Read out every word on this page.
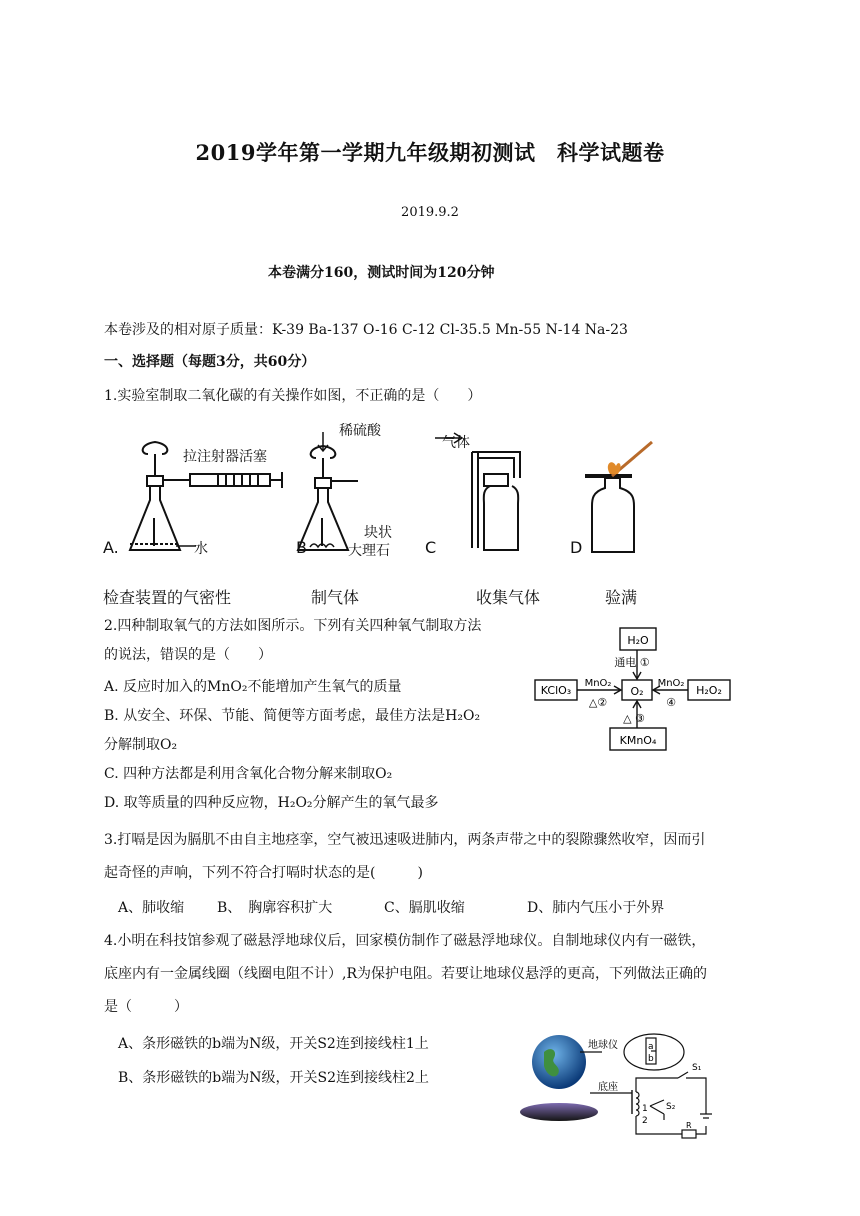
2019学年第一学期九年级期初测试　科学试题卷
2019.9.2
本卷满分160，测试时间为120分钟
本卷涉及的相对原子质量：K-39 Ba-137 O-16 C-12 Cl-35.5 Mn-55 N-14 Na-23
一、选择题（每题3分，共60分）
1.实验室制取二氧化碳的有关操作如图，不正确的是（　　）
拉注射器活塞
水
稀硫酸
块状
大理石
气体
A.	B	C	D
检查装置的气密性	制气体	收集气体	验满
2.四种制取氧气的方法如图所示。下列有关四种氧气制取方法
的说法，错误的是（　　）
A. 反应时加入的MnO₂不能增加产生氧气的质量
B. 从安全、环保、节能、简便等方面考虑，最佳方法是H₂O₂
分解制取O₂
C. 四种方法都是利用含氧化合物分解来制取O₂
D. 取等质量的四种反应物，H₂O₂分解产生的氧气最多
H₂O
KClO₃	O₂	H₂O₂
KMnO₄
通电 ①
MnO₂
△②
MnO₂
④
△ ③
3.打嗝是因为膈肌不由自主地痉挛，空气被迅速吸进肺内，两条声带之中的裂隙骤然收窄，因而引
起奇怪的声响，下列不符合打嗝时状态的是(　　　)
A、肺收缩 B、　胸廓容积扩大	C、膈肌收缩	D、肺内气压小于外界
4.小明在科技馆参观了磁悬浮地球仪后，回家模仿制作了磁悬浮地球仪。自制地球仪内有一磁铁，
底座内有一金属线圈（线圈电阻不计）,R为保护电阻。若要让地球仪悬浮的更高，下列做法正确的
是（　　　）
A、条形磁铁的b端为N级，开关S2连到接线柱1上
B、条形磁铁的b端为N级，开关S2连到接线柱2上
地球仪
底座
a
b
S₁
S₂
1
2	R
